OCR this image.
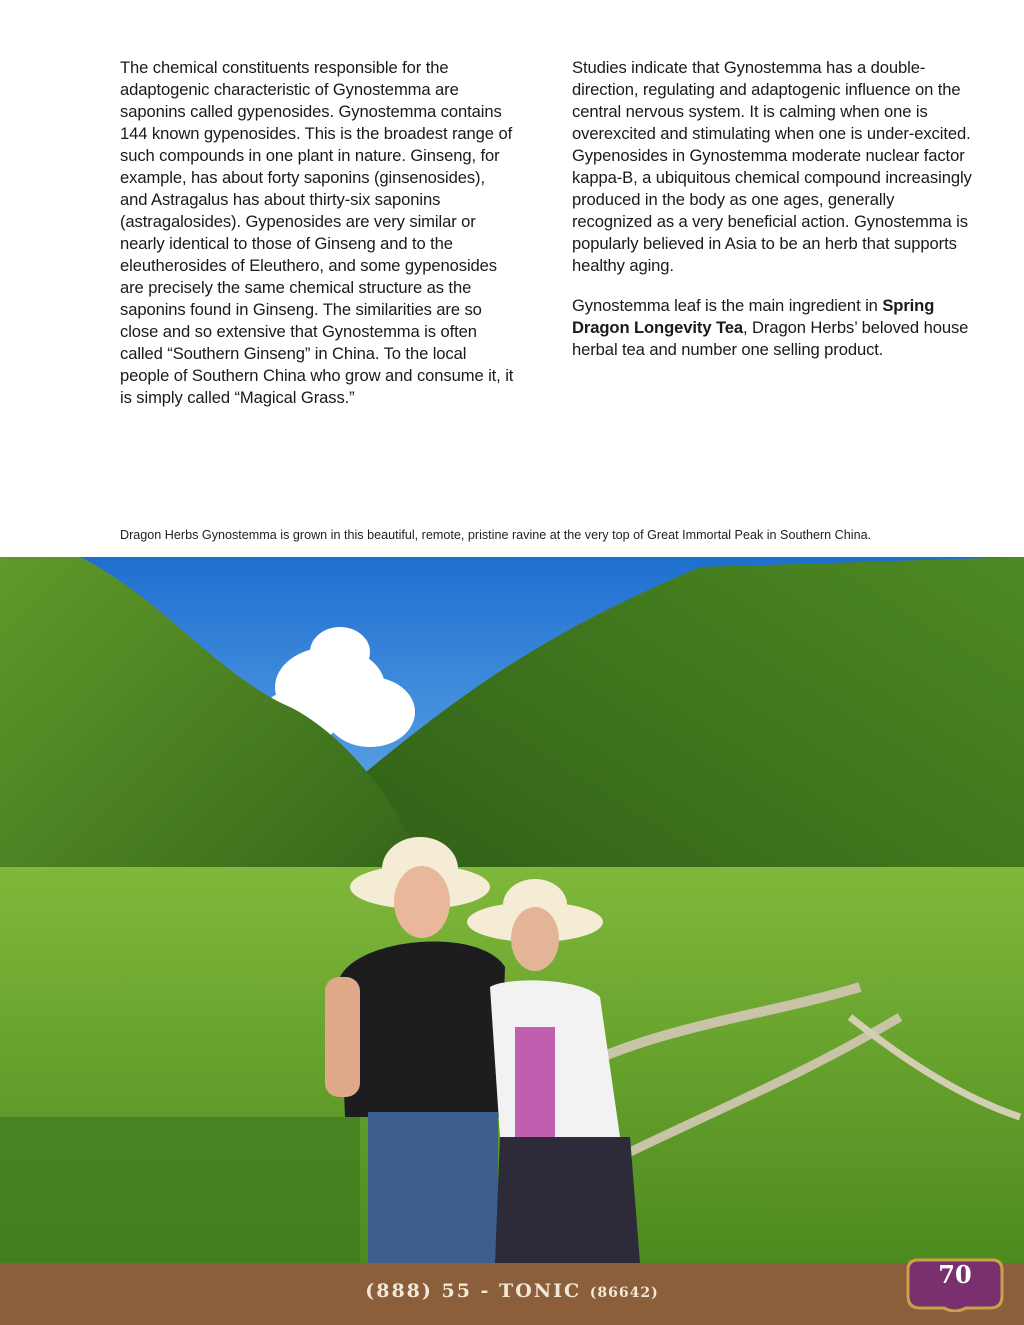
The chemical constituents responsible for the adaptogenic characteristic of Gynostemma are saponins called gypenosides. Gynostemma contains 144 known gypenosides. This is the broadest range of such compounds in one plant in nature. Ginseng, for example, has about forty saponins (ginsenosides), and Astragalus has about thirty-six saponins (astragalosides). Gypenosides are very similar or nearly identical to those of Ginseng and to the eleutherosides of Eleuthero, and some gypenosides are precisely the same chemical structure as the saponins found in Ginseng. The similarities are so close and so extensive that Gynostemma is often called “Southern Ginseng” in China. To the local people of Southern China who grow and consume it, it is simply called “Magical Grass.”

Studies indicate that Gynostemma has a double-direction, regulating and adaptogenic influence on the central nervous system. It is calming when one is overexcited and stimulating when one is under-excited. Gypenosides in Gynostemma moderate nuclear factor kappa-B, a ubiquitous chemical compound increasingly produced in the body as one ages, generally recognized as a very beneficial action. Gynostemma is popularly believed in Asia to be an herb that supports healthy aging.

Gynostemma leaf is the main ingredient in Spring Dragon Longevity Tea, Dragon Herbs’ beloved house herbal tea and number one selling product.

Dragon Herbs Gynostemma is grown in this beautiful, remote, pristine ravine at the very top of Great Immortal Peak in Southern China.
(888) 55 - TONIC (86642)
70
